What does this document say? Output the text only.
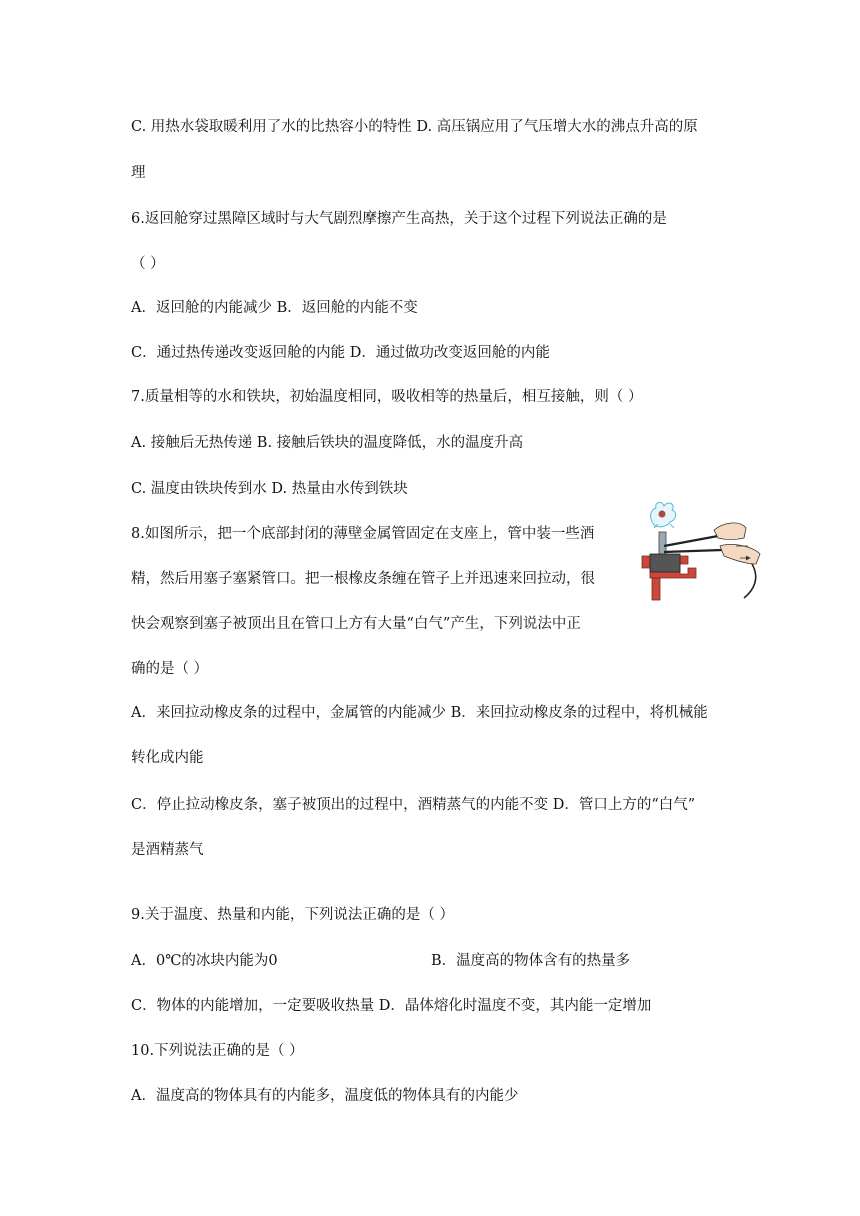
C. 用热水袋取暖利用了水的比热容小的特性 D. 高压锅应用了气压增大水的沸点升高的原
理
6.返回舱穿过黑障区域时与大气剧烈摩擦产生高热，关于这个过程下列说法正确的是
（ ）
A．返回舱的内能减少 B．返回舱的内能不变
C．通过热传递改变返回舱的内能 D．通过做功改变返回舱的内能
7.质量相等的水和铁块，初始温度相同，吸收相等的热量后，相互接触，则（ ）
A. 接触后无热传递 B. 接触后铁块的温度降低，水的温度升高
C. 温度由铁块传到水 D. 热量由水传到铁块
8.如图所示，把一个底部封闭的薄壁金属管固定在支座上，管中装一些酒
精，然后用塞子塞紧管口。把一根橡皮条缠在管子上并迅速来回拉动，很
快会观察到塞子被顶出且在管口上方有大量“白气”产生，下列说法中正
确的是（ ）
A．来回拉动橡皮条的过程中，金属管的内能减少 B．来回拉动橡皮条的过程中，将机械能
转化成内能
C．停止拉动橡皮条，塞子被顶出的过程中，酒精蒸气的内能不变 D．管口上方的“白气”
是酒精蒸气
9.关于温度、热量和内能，下列说法正确的是（ ）
A．0℃的冰块内能为0	B．温度高的物体含有的热量多
C．物体的内能增加，一定要吸收热量 D．晶体熔化时温度不变，其内能一定增加
10.下列说法正确的是（ ）
A．温度高的物体具有的内能多，温度低的物体具有的内能少
